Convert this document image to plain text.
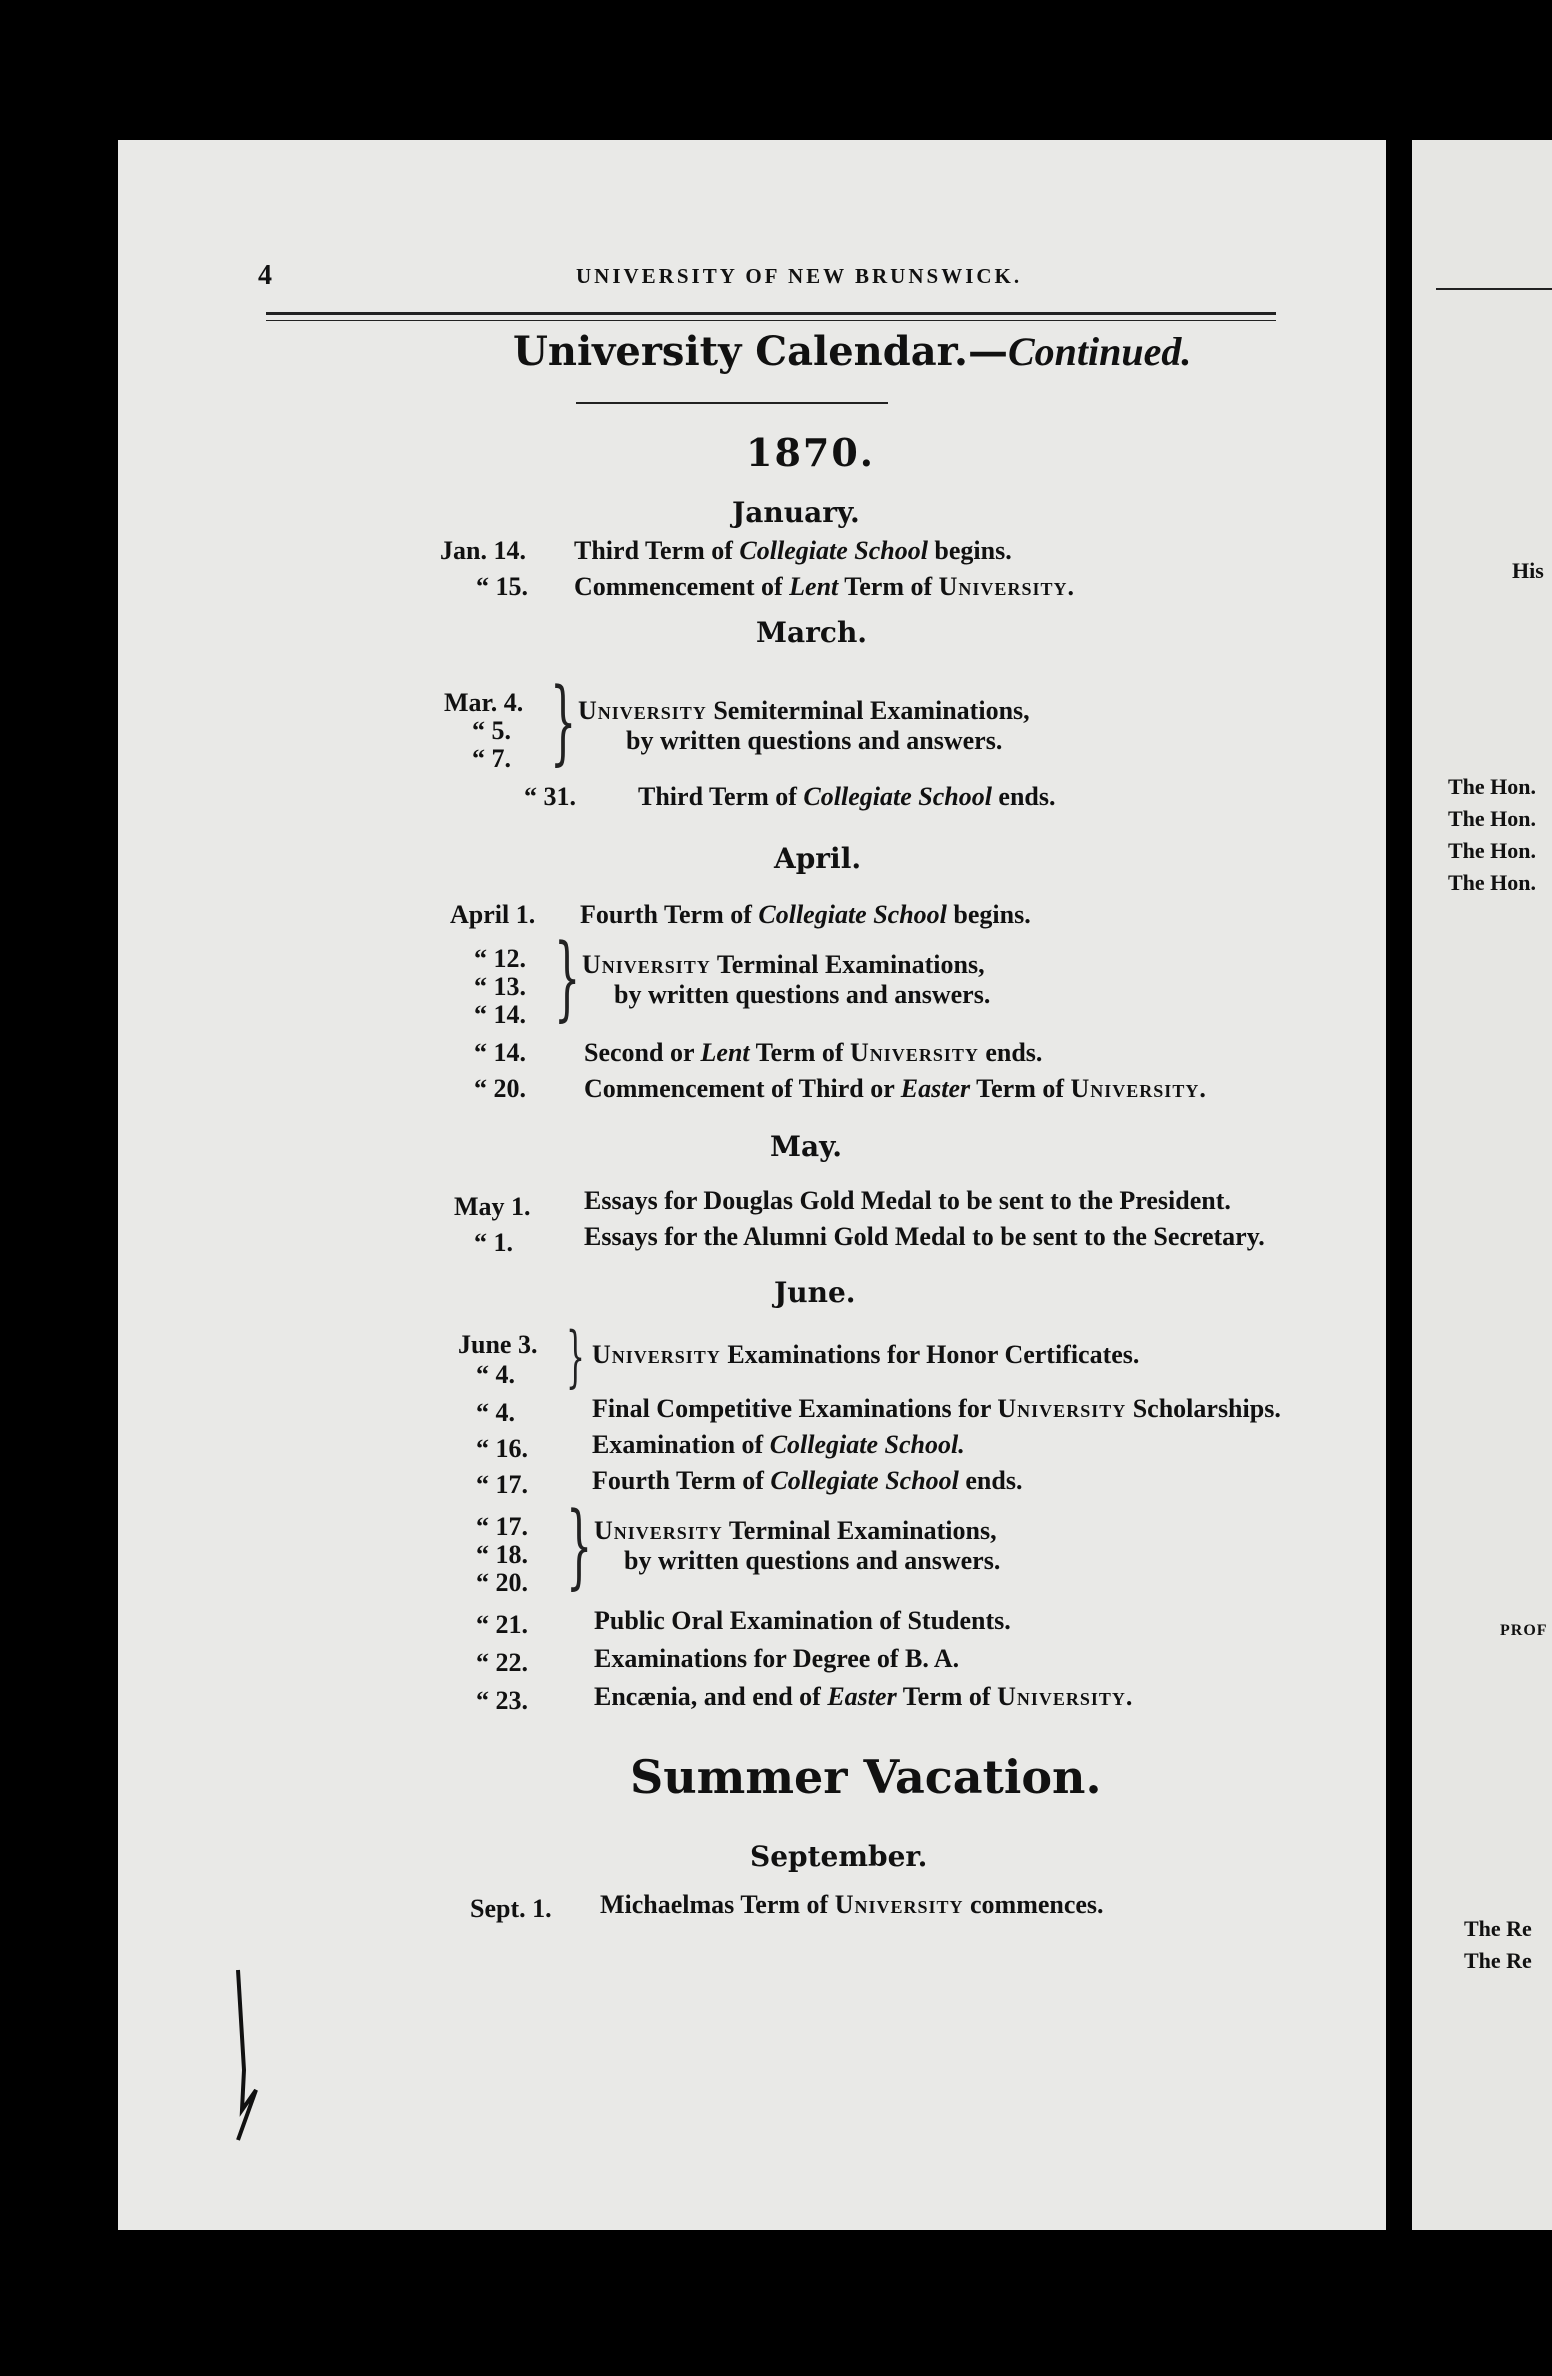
4	UNIVERSITY OF NEW BRUNSWICK.
University Calendar.—Continued.
1870.
January.
Jan. 14. Third Term of Collegiate School begins.
“ 15. Commencement of Lent Term of University.
March.
Mar. 4.
“ 5.
“ 7. } University Semiterminal Examinations,
by written questions and answers.
“ 31. Third Term of Collegiate School ends.
April.
April 1. Fourth Term of Collegiate School begins.
“ 12.
“ 13.
“ 14. } University Terminal Examinations,
by written questions and answers.
“ 14. Second or Lent Term of University ends.
“ 20. Commencement of Third or Easter Term of University.
May.
May 1. Essays for Douglas Gold Medal to be sent to the President.
“ 1.	Essays for the Alumni Gold Medal to be sent to the Secretary.
June.
June 3.
“ 4. } University Examinations for Honor Certificates.
“ 4.	Final Competitive Examinations for University Scholarships.
“ 16. Examination of Collegiate School.
“ 17. Fourth Term of Collegiate School ends.
“ 17.
“ 18.
“ 20. } University Terminal Examinations,
by written questions and answers.
“ 21.	Public Oral Examination of Students.
“ 22.	Examinations for Degree of B. A.
“ 23.	Encænia, and end of Easter Term of University.
Summer Vacation.
September.
Sept. 1. Michaelmas Term of University commences.
His
The Hon.
The Hon.
The Hon.
The Hon.
PROF
The Re
The Re
